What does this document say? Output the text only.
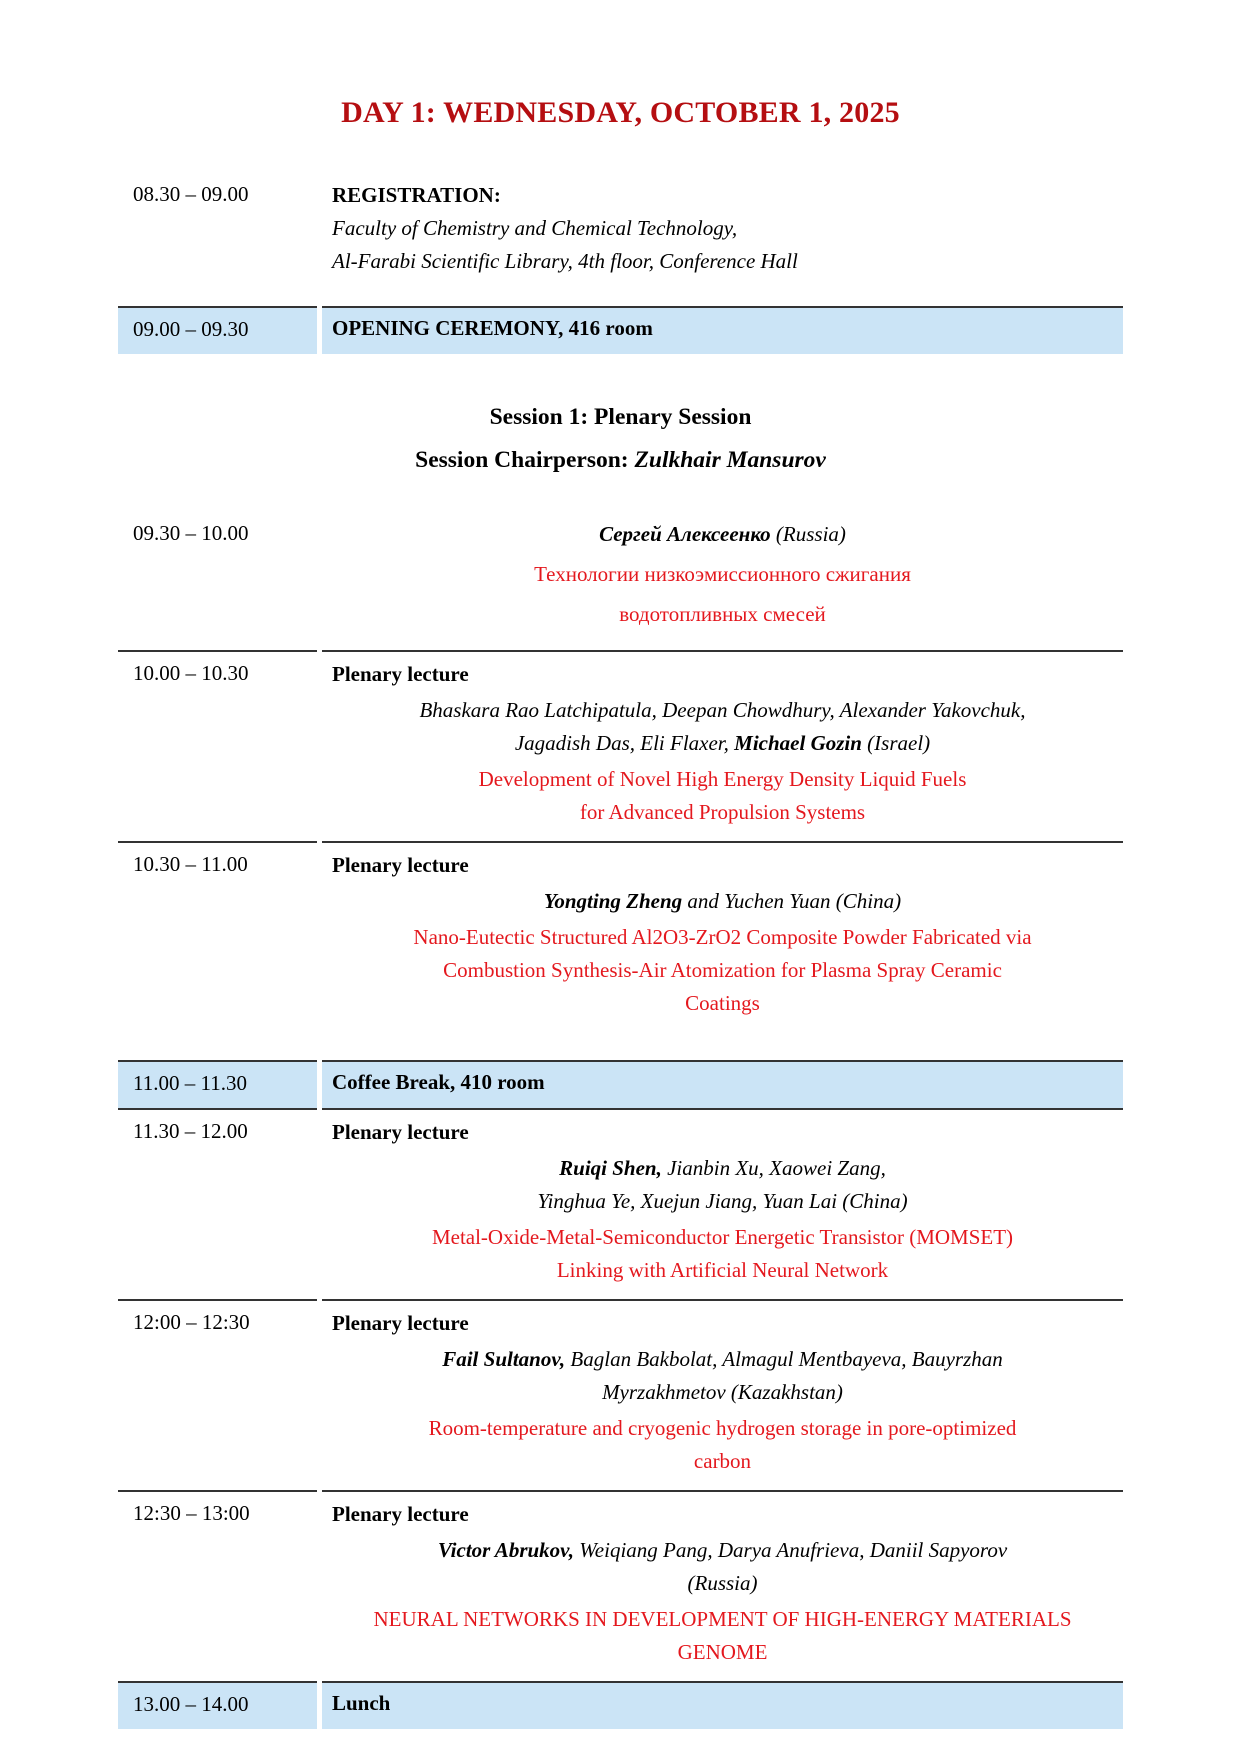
DAY 1: WEDNESDAY, OCTOBER 1, 2025
08.30 – 09.00	REGISTRATION:
Faculty of Chemistry and Chemical Technology,
Al-Farabi Scientific Library, 4th floor, Conference Hall
09.00 – 09.30	OPENING CEREMONY, 416 room
Session 1: Plenary Session
Session Chairperson: Zulkhair Mansurov
09.30 – 10.00	Сергей Алексеенко (Russia)
Технологии низкоэмиссионного сжигания
водотопливных смесей
10.00 – 10.30	Plenary lecture
Bhaskara Rao Latchipatula, Deepan Chowdhury, Alexander Yakovchuk,
Jagadish Das, Eli Flaxer, Michael Gozin (Israel)
Development of Novel High Energy Density Liquid Fuels
for Advanced Propulsion Systems
10.30 – 11.00	Plenary lecture
Yongting Zheng and Yuchen Yuan (China)
Nano-Eutectic Structured Al2O3-ZrO2 Composite Powder Fabricated via
Combustion Synthesis-Air Atomization for Plasma Spray Ceramic
Coatings
11.00 – 11.30	Coffee Break, 410 room
11.30 – 12.00	Plenary lecture
Ruiqi Shen, Jianbin Xu, Xaowei Zang,
Yinghua Ye, Xuejun Jiang, Yuan Lai (China)
Metal-Oxide-Metal-Semiconductor Energetic Transistor (MOMSET)
Linking with Artificial Neural Network
12:00 – 12:30	Plenary lecture
Fail Sultanov, Baglan Bakbolat, Almagul Mentbayeva, Bauyrzhan
Myrzakhmetov (Kazakhstan)
Room-temperature and cryogenic hydrogen storage in pore-optimized
carbon
12:30 – 13:00	Plenary lecture
Victor Abrukov, Weiqiang Pang, Darya Anufrieva, Daniil Sapyorov
(Russia)
NEURAL NETWORKS IN DEVELOPMENT OF HIGH-ENERGY MATERIALS
GENOME
13.00 – 14.00	Lunch
